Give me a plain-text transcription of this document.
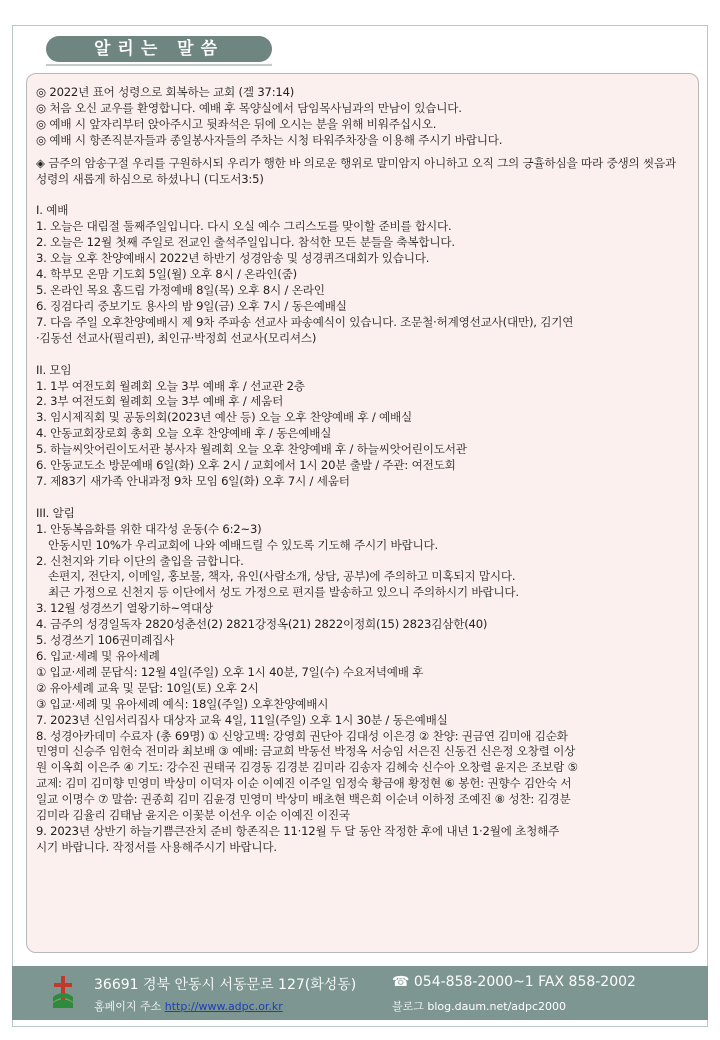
알리는 말씀
◎ 2022년 표어 성령으로 회복하는 교회 (겔 37:14)
◎ 처음 오신 교우를 환영합니다. 예배 후 목양실에서 담임목사님과의 만남이 있습니다.
◎ 예배 시 앞자리부터 앉아주시고 뒷좌석은 뒤에 오시는 분을 위해 비워주십시오.
◎ 예배 시 항존직분자들과 종일봉사자들의 주차는 시청 타워주차장을 이용해 주시기 바랍니다.
◈ 금주의 암송구절 우리를 구원하시되 우리가 행한 바 의로운 행위로 말미암지 아니하고 오직 그의 긍휼하심을 따라 중생의 씻음과 성령의 새롭게 하심으로 하셨나니 (디도서3:5)
I. 예배
1. 오늘은 대림절 둘째주일입니다. 다시 오실 예수 그리스도를 맞이할 준비를 합시다.
2. 오늘은 12월 첫째 주일로 전교인 출석주일입니다. 참석한 모든 분들을 축복합니다.
3. 오늘 오후 찬양예배시 2022년 하반기 성경암송 및 성경퀴즈대회가 있습니다.
4. 학부모 온맘 기도회 5일(월) 오후 8시 / 온라인(줌)
5. 온라인 목요 홈드림 가정예배 8일(목) 오후 8시 / 온라인
6. 징검다리 중보기도 용사의 밤 9일(금) 오후 7시 / 동은예배실
7. 다음 주일 오후찬양예배시 제 9차 주파송 선교사 파송예식이 있습니다. 조문철·허계영선교사(대만), 김기연
·김동선 선교사(필리핀), 최인규·박정희 선교사(모리셔스)
II. 모임
1. 1부 여전도회 월례회 오늘 3부 예배 후 / 선교관 2층
2. 3부 여전도회 월례회 오늘 3부 예배 후 / 세움터
3. 임시제직회 및 공동의회(2023년 예산 등) 오늘 오후 찬양예배 후 / 예배실
4. 안동교회장로회 총회 오늘 오후 찬양예배 후 / 동은예배실
5. 하늘씨앗어린이도서관 봉사자 월례회 오늘 오후 찬양예배 후 / 하늘씨앗어린이도서관
6. 안동교도소 방문예배 6일(화) 오후 2시 / 교회에서 1시 20분 출발 / 주관: 여전도회
7. 제83기 새가족 안내과정 9차 모임 6일(화) 오후 7시 / 세움터
III. 알림
1. 안동복음화를 위한 대각성 운동(수 6:2~3)
안동시민 10%가 우리교회에 나와 예배드릴 수 있도록 기도해 주시기 바랍니다.
2. 신천지와 기타 이단의 출입을 금합니다.
손편지, 전단지, 이메일, 홍보물, 책자, 유인(사람소개, 상담, 공부)에 주의하고 미혹되지 맙시다.
최근 가정으로 신천지 등 이단에서 성도 가정으로 편지를 발송하고 있으니 주의하시기 바랍니다.
3. 12월 성경쓰기 열왕기하~역대상
4. 금주의 성경일독자 2820성춘선(2) 2821강정옥(21) 2822이정희(15) 2823김삼한(40)
5. 성경쓰기 106권미례집사
6. 입교·세례 및 유아세례
① 입교·세례 문답식: 12월 4일(주일) 오후 1시 40분, 7일(수) 수요저녁예배 후
② 유아세례 교육 및 문답: 10일(토) 오후 2시
③ 입교·세례 및 유아세례 예식: 18일(주일) 오후찬양예배시
7. 2023년 신임서리집사 대상자 교육 4일, 11일(주일) 오후 1시 30분 / 동은예배실
8. 성경아카데미 수료자 (총 69명) ① 신앙고백: 강영희 권단아 김대성 이은경 ② 찬양: 권금연 김미애 김순화
민영미 신승주 임헌숙 전미라 최보배 ③ 예배: 금교희 박동선 박정옥 서승임 서은진 신동건 신은정 오창렬 이상
원 이옥희 이은주 ④ 기도: 강수진 권태국 김경동 김경분 김미라 김송자 김혜숙 신수아 오창렬 윤지은 조보람 ⑤
교제: 김미 김미향 민영미 박상미 이덕자 이순 이예진 이주일 임정숙 황금애 황정현 ⑥ 봉헌: 권향수 김안숙 서
일교 이명수 ⑦ 말씀: 권종희 김미 김윤경 민영미 박상미 배초현 백은희 이순녀 이하정 조예진 ⑧ 성찬: 김경분
김미라 김율리 김태남 윤지은 이꽃분 이선우 이순 이예진 이진국
9. 2023년 상반기 하늘기쁨큰잔치 준비 항존직은 11·12월 두 달 동안 작정한 후에 내년 1·2월에 초청해주
시기 바랍니다. 작정서를 사용해주시기 바랍니다.
36691 경북 안동시 서동문로 127(화성동)	☎ 054-858-2000~1 FAX 858-2002
홈페이지 주소 http://www.adpc.or.kr	블로그 blog.daum.net/adpc2000
